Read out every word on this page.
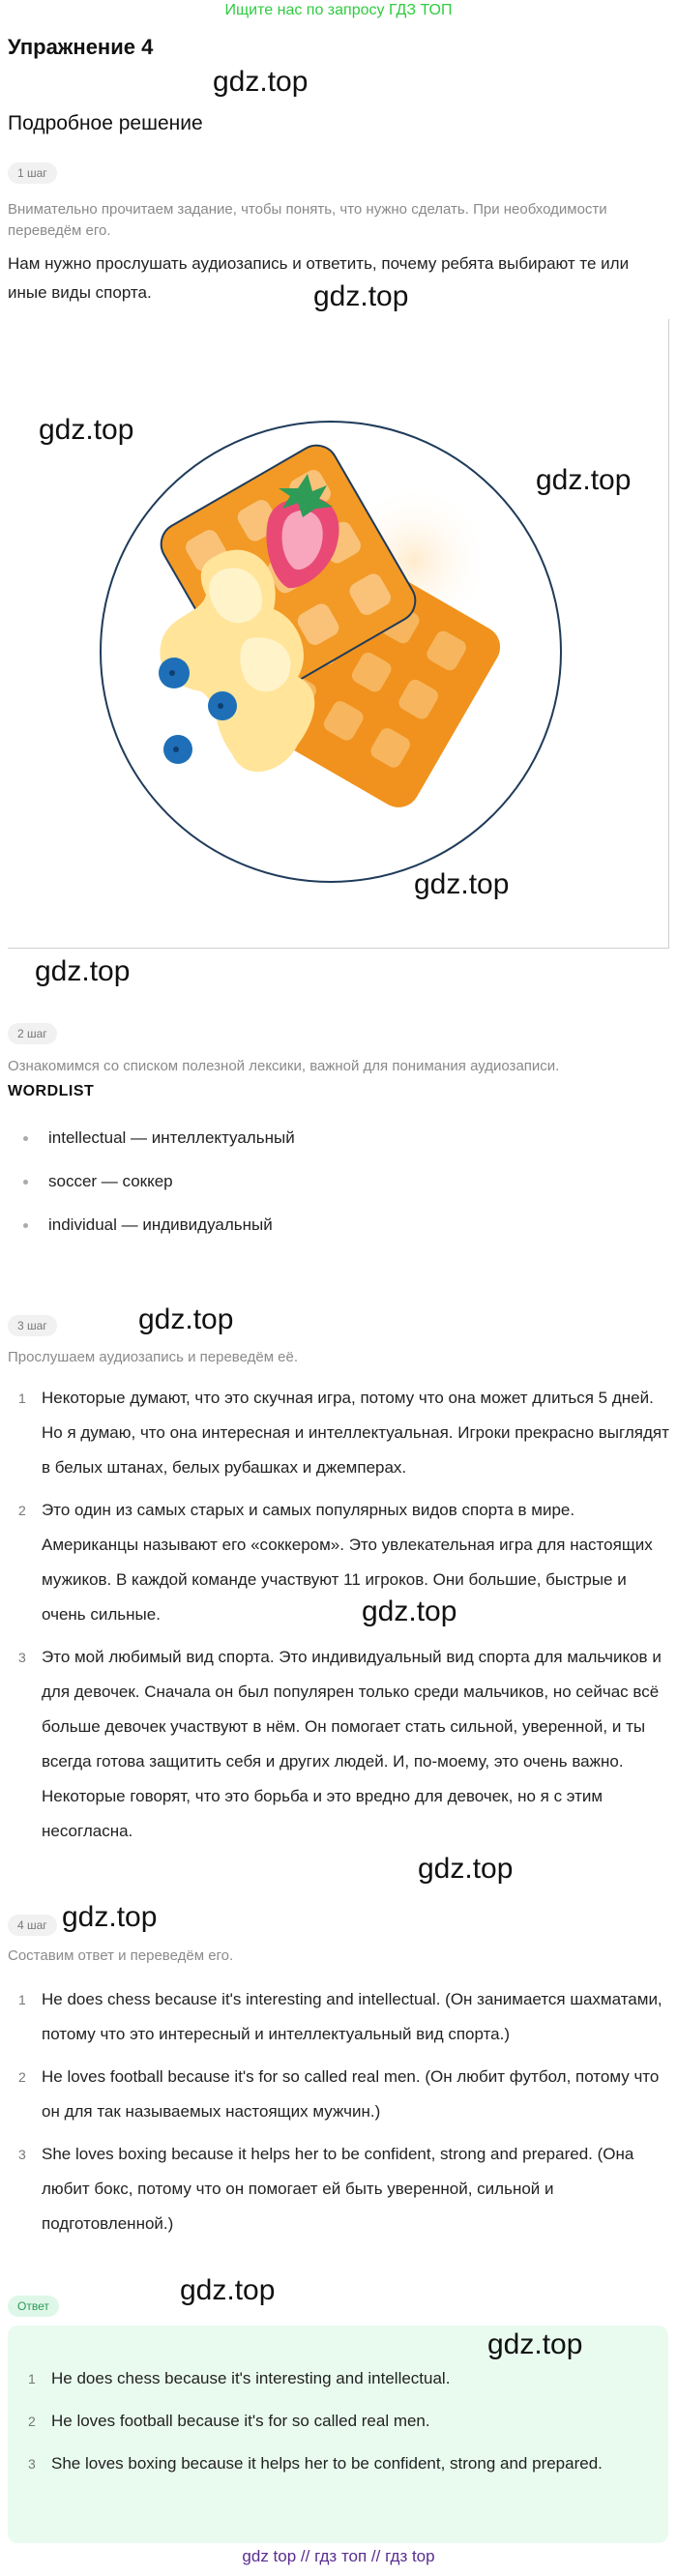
Ищите нас по запросу ГДЗ ТОП
Упражнение 4
gdz.top
Подробное решение
1 шаг
Внимательно прочитаем задание, чтобы понять, что нужно сделать. При необходимости переведём его.
Нам нужно прослушать аудиозапись и ответить, почему ребята выбирают те или иные виды спорта.	gdz.top
gdz.top
gdz.top
gdz.top
gdz.top
2 шаг
Ознакомимся со списком полезной лексики, важной для понимания аудиозаписи.
WORDLIST
intellectual — интеллектуальный
soccer — соккер
individual — индивидуальный
3 шаг	gdz.top
Прослушаем аудиозапись и переведём её.
1 Некоторые думают, что это скучная игра, потому что она может длиться 5 дней. Но я думаю, что она интересная и интеллектуальная. Игроки прекрасно выглядят в белых штанах, белых рубашках и джемперах.
2 Это один из самых старых и самых популярных видов спорта в мире. Американцы называют его «соккером». Это увлекательная игра для настоящих мужиков. В каждой команде участвуют 11 игроков. Они большие, быстрые и очень сильные.
3 Это мой любимый вид спорта. Это индивидуальный вид спорта для мальчиков и для девочек. Сначала он был популярен только среди мальчиков, но сейчас всё больше девочек участвуют в нём. Он помогает стать сильной, уверенной, и ты всегда готова защитить себя и других людей. И, по-моему, это очень важно. Некоторые говорят, что это борьба и это вредно для девочек, но я с этим несогласна.
gdz.top
gdz.top
4 шаг gdz.top
Составим ответ и переведём его.
1 He does chess because it's interesting and intellectual. (Он занимается шахматами, потому что это интересный и интеллектуальный вид спорта.)
2 He loves football because it's for so called real men. (Он любит футбол, потому что он для так называемых настоящих мужчин.)
3 She loves boxing because it helps her to be confident, strong and prepared. (Она любит бокс, потому что он помогает ей быть уверенной, сильной и подготовленной.)
Ответ	gdz.top
gdz.top
1 He does chess because it's interesting and intellectual.
2 He loves football because it's for so called real men.
3 She loves boxing because it helps her to be confident, strong and prepared.
gdz top // гдз топ // гдз top
